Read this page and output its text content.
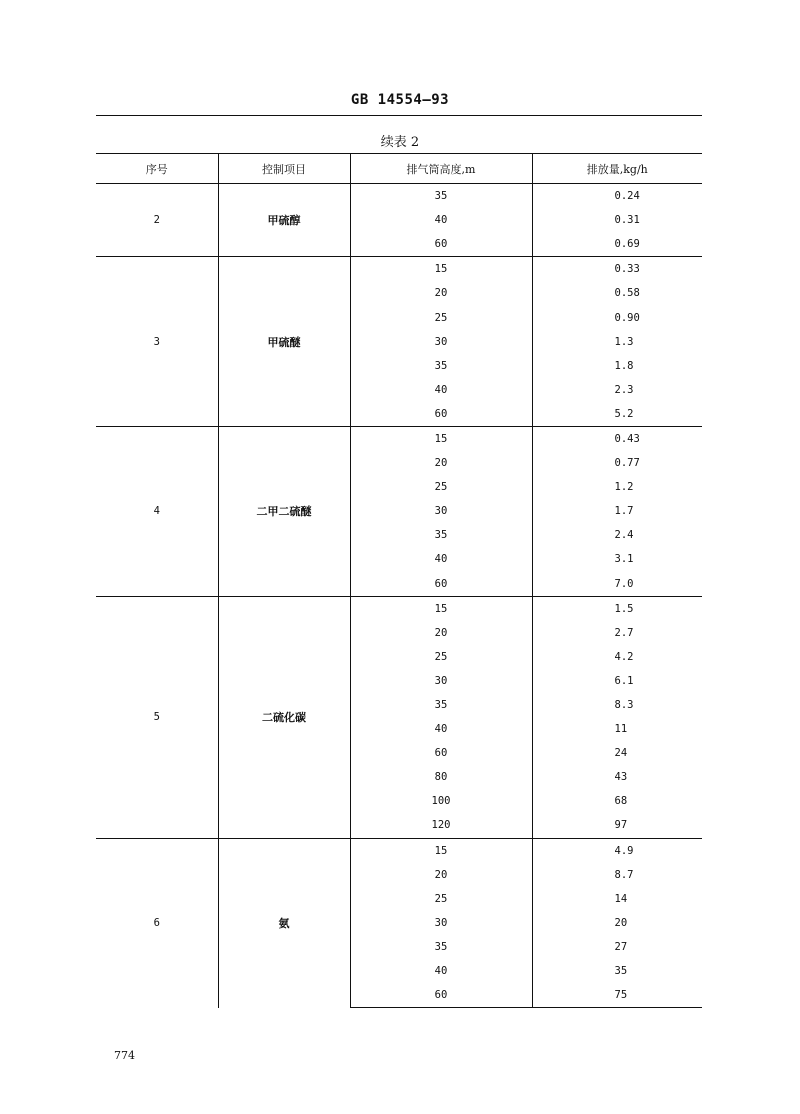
GB 14554—93
续表 2
序号	控制项目	排气筒高度,m	排放量,kg/h
2	甲硫醇	35	0.24
		40	0.31
		60	0.69
3	甲硫醚	15	0.33
		20	0.58
		25	0.90
		30	1.3
		35	1.8
		40	2.3
		60	5.2
4	二甲二硫醚	15	0.43
		20	0.77
		25	1.2
		30	1.7
		35	2.4
		40	3.1
		60	7.0
5	二硫化碳	15	1.5
		20	2.7
		25	4.2
		30	6.1
		35	8.3
		40	11
		60	24
		80	43
		100	68
		120	97
6	氨	15	4.9
		20	8.7
		25	14
		30	20
		35	27
		40	35
		60	75
774
